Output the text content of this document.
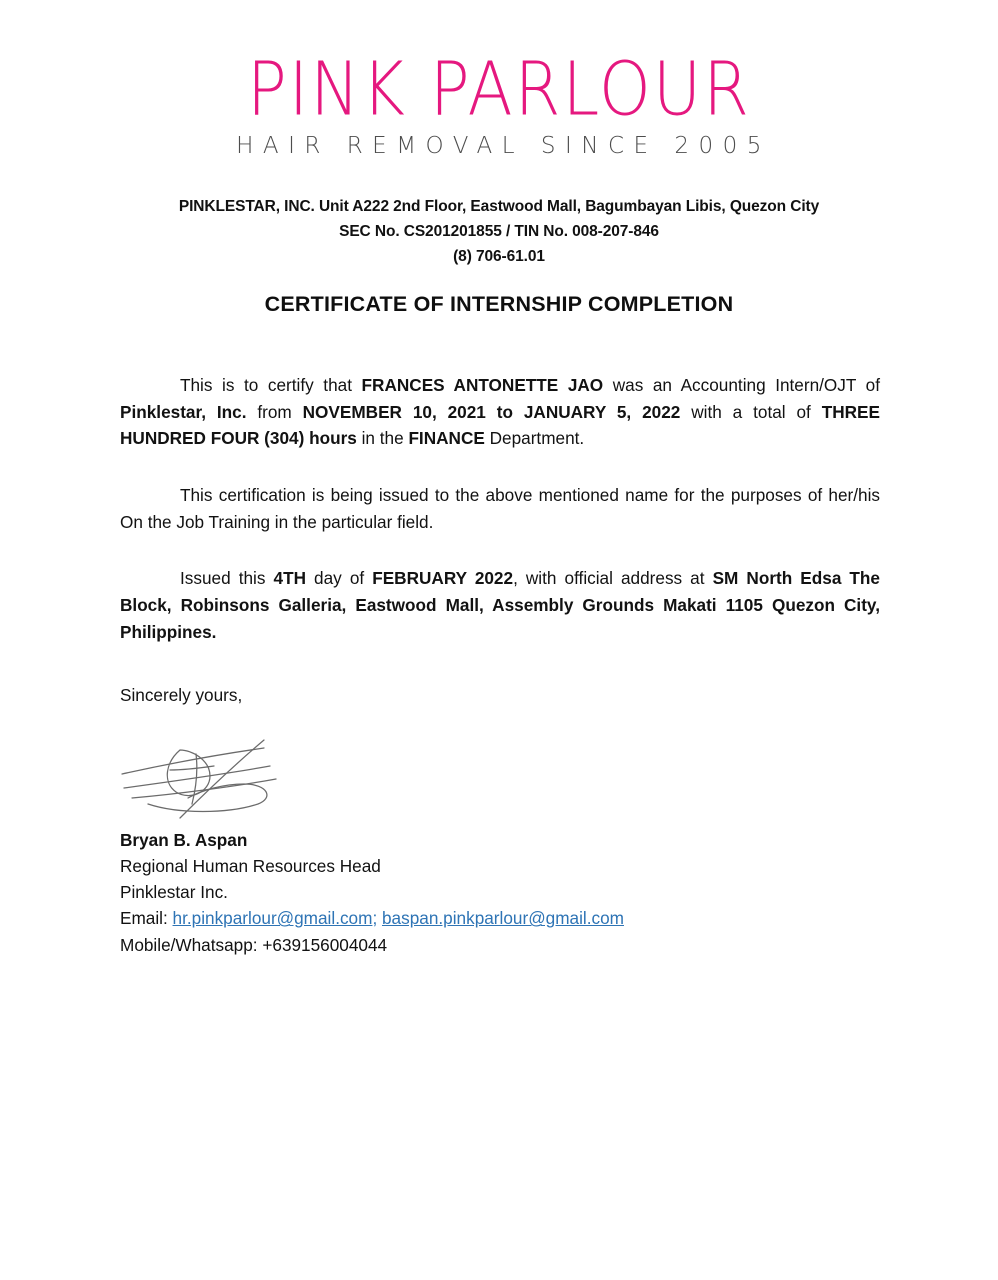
PINK PARLOUR
HAIR REMOVAL SINCE 2005
PINKLESTAR, INC. Unit A222 2nd Floor, Eastwood Mall, Bagumbayan Libis, Quezon City
SEC No. CS201201855 / TIN No. 008-207-846
(8) 706-61.01
CERTIFICATE OF INTERNSHIP COMPLETION

This is to certify that FRANCES ANTONETTE JAO was an Accounting Intern/OJT of Pinklestar, Inc. from NOVEMBER 10, 2021 to JANUARY 5, 2022 with a total of THREE HUNDRED FOUR (304) hours in the FINANCE Department.

This certification is being issued to the above mentioned name for the purposes of her/his On the Job Training in the particular field.

Issued this 4TH day of FEBRUARY 2022, with official address at SM North Edsa The Block, Robinsons Galleria, Eastwood Mall, Assembly Grounds Makati 1105 Quezon City, Philippines.

Sincerely yours,
Bryan B. Aspan
Regional Human Resources Head
Pinklestar Inc.
Email: hr.pinkparlour@gmail.com; baspan.pinkparlour@gmail.com
Mobile/Whatsapp: +639156004044
